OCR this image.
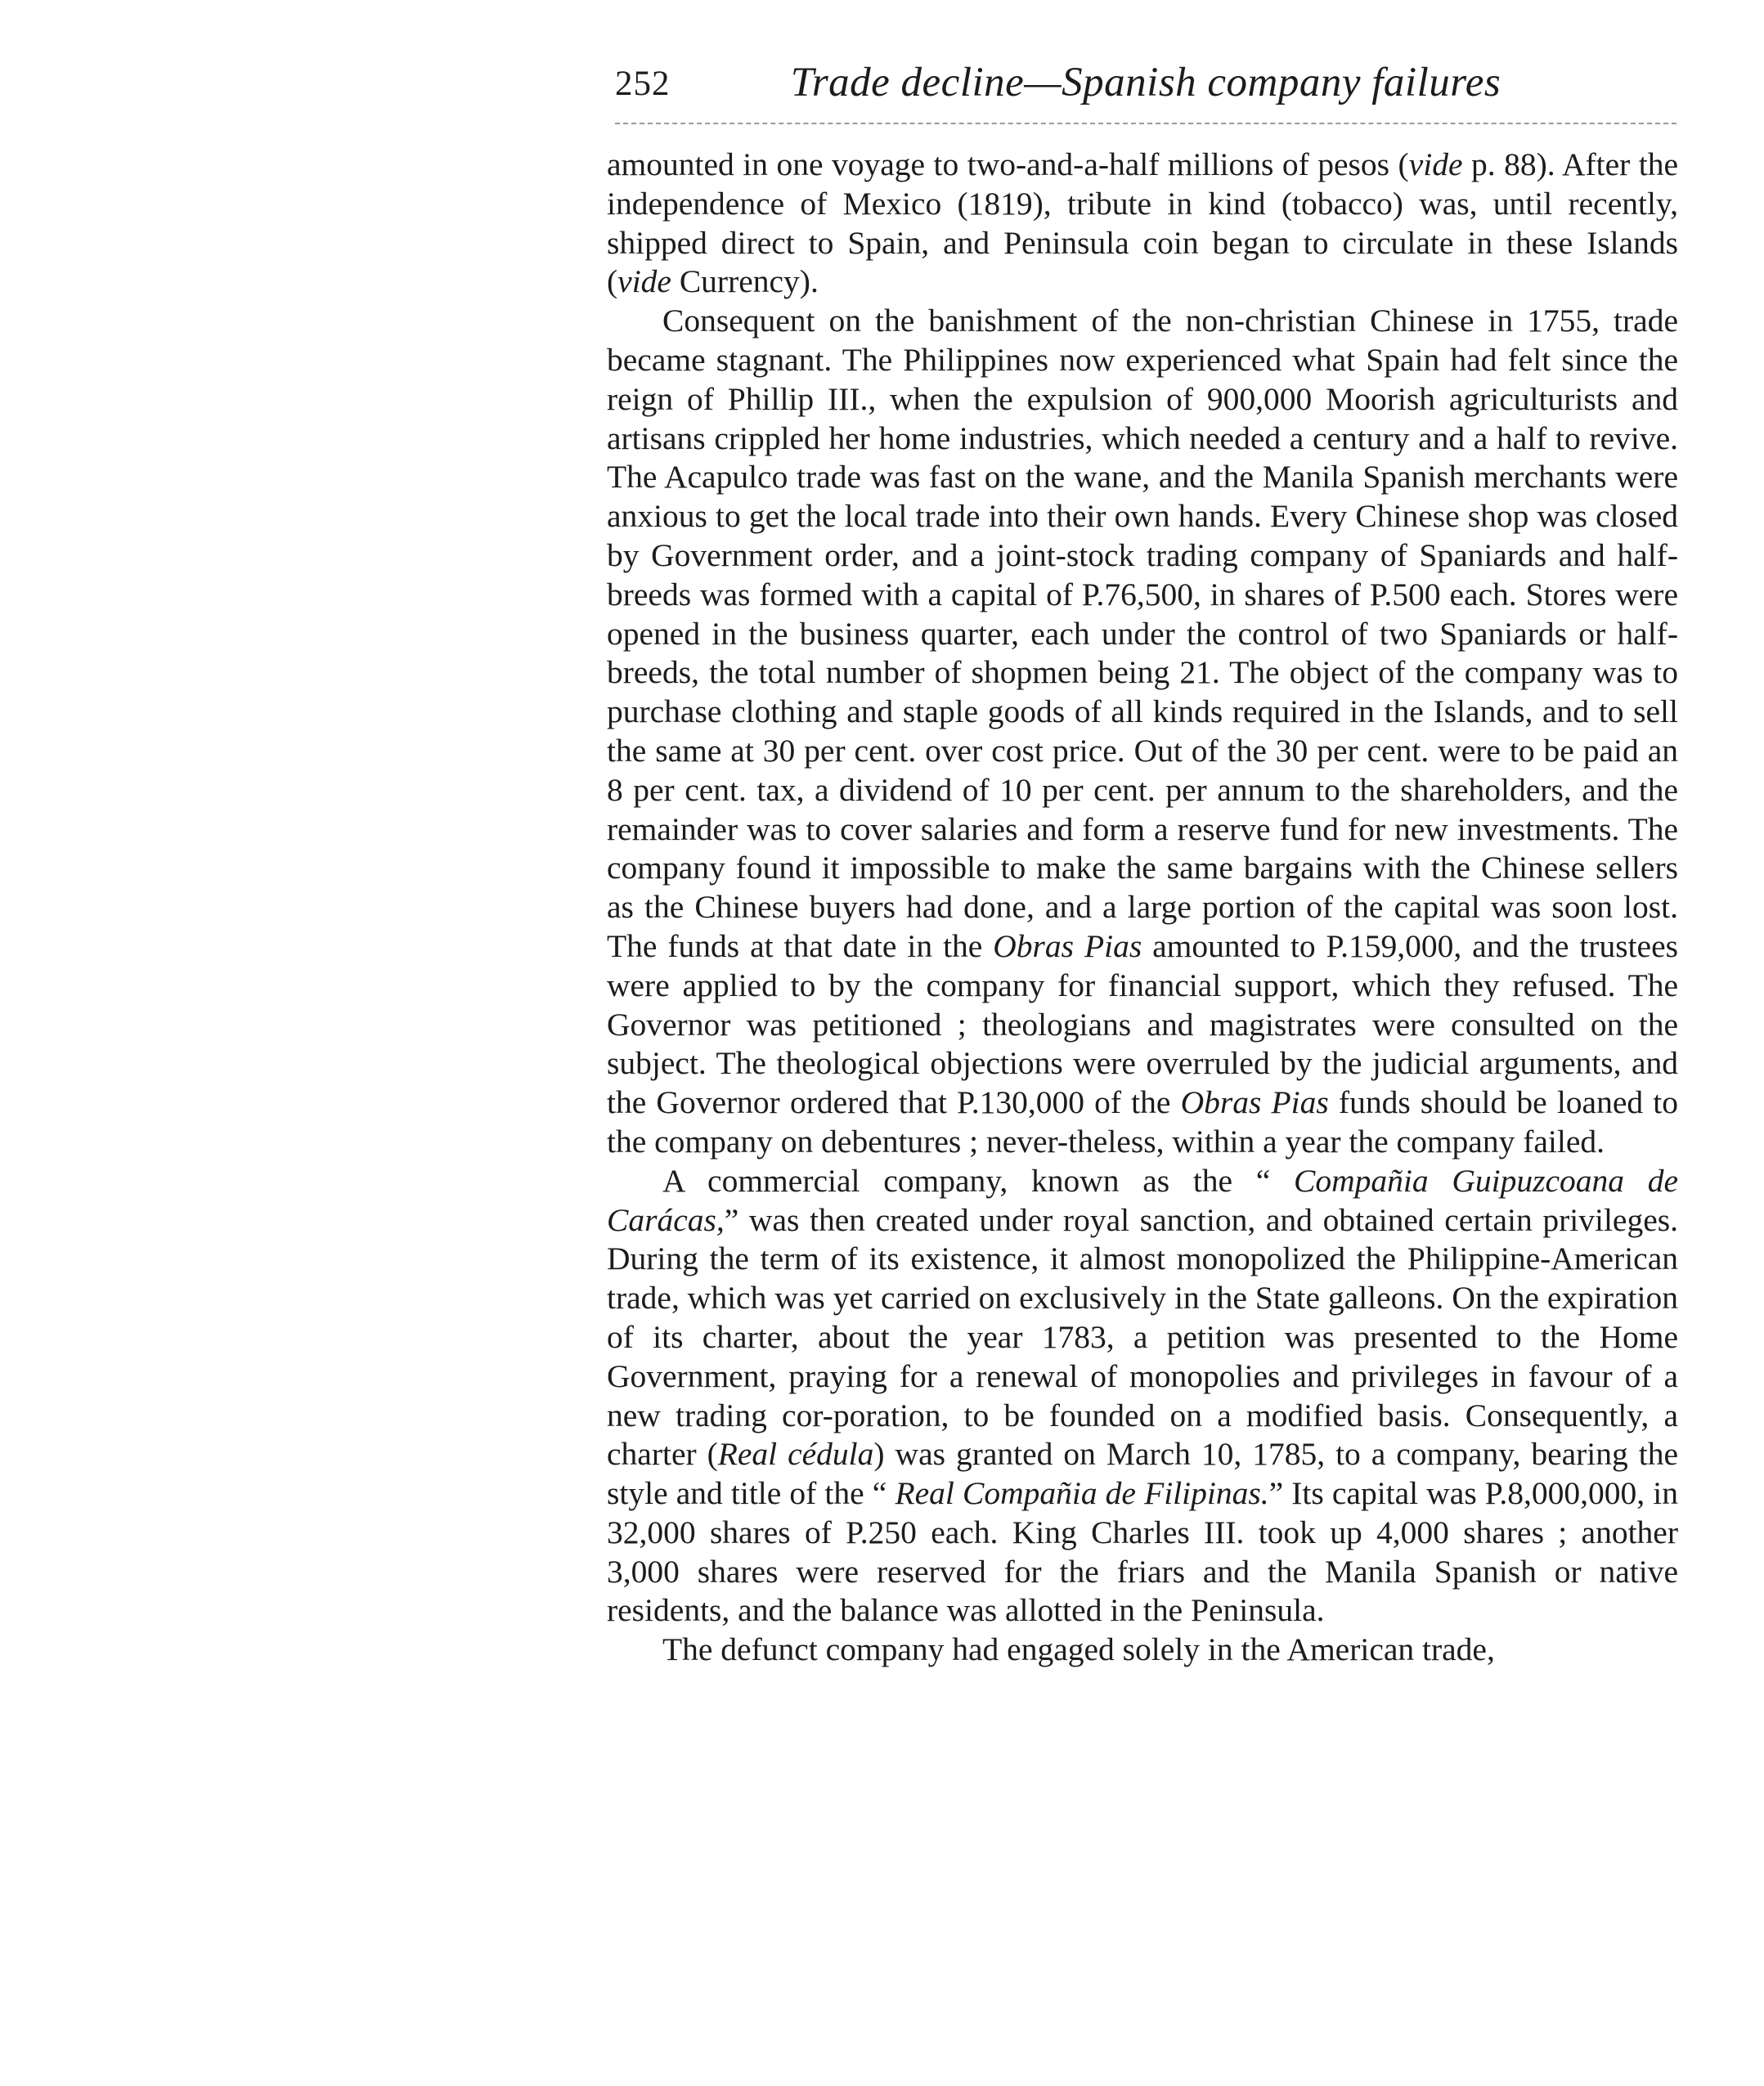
252	Trade decline—Spanish company failures

amounted in one voyage to two-and-a-half millions of pesos (vide p. 88). After the independence of Mexico (1819), tribute in kind (tobacco) was, until recently, shipped direct to Spain, and Peninsula coin began to circulate in these Islands (vide Currency).

Consequent on the banishment of the non-christian Chinese in 1755, trade became stagnant. The Philippines now experienced what Spain had felt since the reign of Phillip III., when the expulsion of 900,000 Moorish agriculturists and artisans crippled her home industries, which needed a century and a half to revive. The Acapulco trade was fast on the wane, and the Manila Spanish merchants were anxious to get the local trade into their own hands. Every Chinese shop was closed by Government order, and a joint-stock trading company of Spaniards and half-breeds was formed with a capital of P.76,500, in shares of P.500 each. Stores were opened in the business quarter, each under the control of two Spaniards or half-breeds, the total number of shopmen being 21. The object of the company was to purchase clothing and staple goods of all kinds required in the Islands, and to sell the same at 30 per cent. over cost price. Out of the 30 per cent. were to be paid an 8 per cent. tax, a dividend of 10 per cent. per annum to the shareholders, and the remainder was to cover salaries and form a reserve fund for new investments. The company found it impossible to make the same bargains with the Chinese sellers as the Chinese buyers had done, and a large portion of the capital was soon lost. The funds at that date in the Obras Pias amounted to P.159,000, and the trustees were applied to by the company for financial support, which they refused. The Governor was petitioned ; theologians and magistrates were consulted on the subject. The theological objections were overruled by the judicial arguments, and the Governor ordered that P.130,000 of the Obras Pias funds should be loaned to the company on debentures ; never-theless, within a year the company failed.

A commercial company, known as the “ Compañia Guipuzcoana de Carácas,” was then created under royal sanction, and obtained certain privileges. During the term of its existence, it almost monopolized the Philippine-American trade, which was yet carried on exclusively in the State galleons. On the expiration of its charter, about the year 1783, a petition was presented to the Home Government, praying for a renewal of monopolies and privileges in favour of a new trading cor-poration, to be founded on a modified basis. Consequently, a charter (Real cédula) was granted on March 10, 1785, to a company, bearing the style and title of the “ Real Compañia de Filipinas.” Its capital was P.8,000,000, in 32,000 shares of P.250 each. King Charles III. took up 4,000 shares ; another 3,000 shares were reserved for the friars and the Manila Spanish or native residents, and the balance was allotted in the Peninsula.

The defunct company had engaged solely in the American trade,
